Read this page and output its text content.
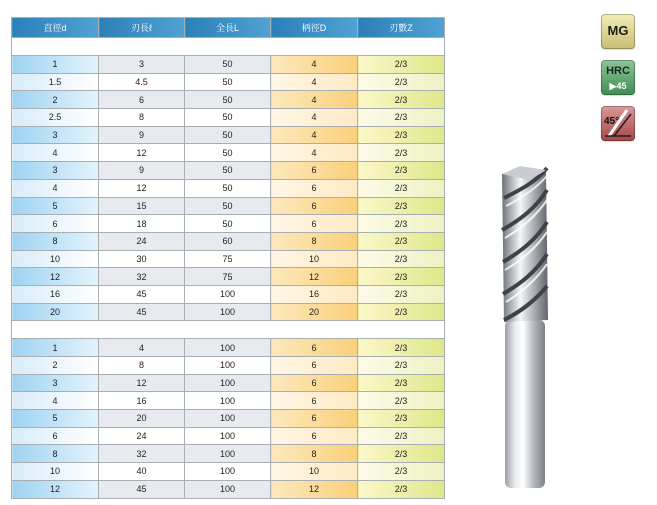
直徑d	刃長ℓ	全長L	柄徑D	刃數Z

1	3	50	4	2/3
1.5	4.5	50	4	2/3
2	6	50	4	2/3
2.5	8	50	4	2/3
3	9	50	4	2/3
4	12	50	4	2/3
3	9	50	6	2/3
4	12	50	6	2/3
5	15	50	6	2/3
6	18	50	6	2/3
8	24	60	8	2/3
10	30	75	10	2/3
12	32	75	12	2/3
16	45	100	16	2/3
20	45	100	20	2/3

1	4	100	6	2/3
2	8	100	6	2/3
3	12	100	6	2/3
4	16	100	6	2/3
5	20	100	6	2/3
6	24	100	6	2/3
8	32	100	8	2/3
10	40	100	10	2/3
12	45	100	12	2/3
MG
HRC
▶45
45°
